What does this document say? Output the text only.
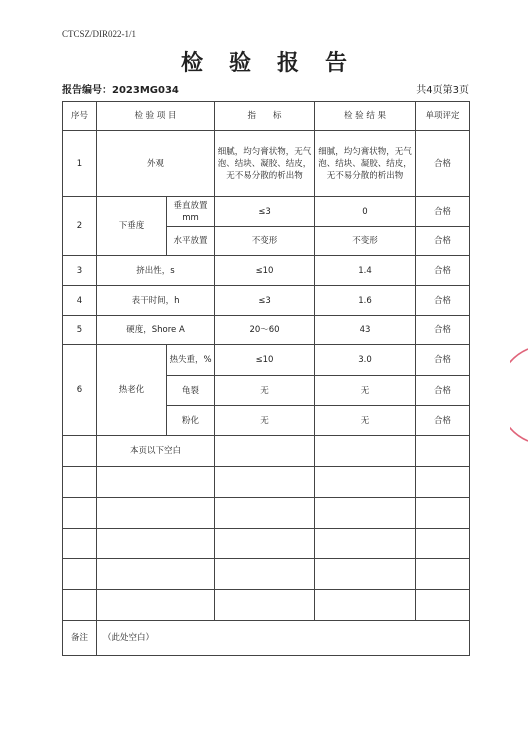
CTCSZ/DIR022-1/1
检验报告
报告编号：2023MG034	共4页第3页
序号	检 验 项 目		指　　标	检 验 结 果	单项评定
1	外观		细腻，均匀膏状物，无气泡、结块、凝胶、结皮，无不易分散的析出物	细腻，均匀膏状物，无气泡、结块、凝胶、结皮，无不易分散的析出物	合格
2	下垂度	垂直放置 mm	≤3	0	合格
		水平放置	不变形	不变形	合格
3	挤出性，s		≤10	1.4	合格
4	表干时间，h		≤3	1.6	合格
5	硬度，Shore A		20～60	43	合格
6	热老化	热失重，%	≤10	3.0	合格
		龟裂	无	无	合格
		粉化	无	无	合格
	本页以下空白				

备注	（此处空白）				
